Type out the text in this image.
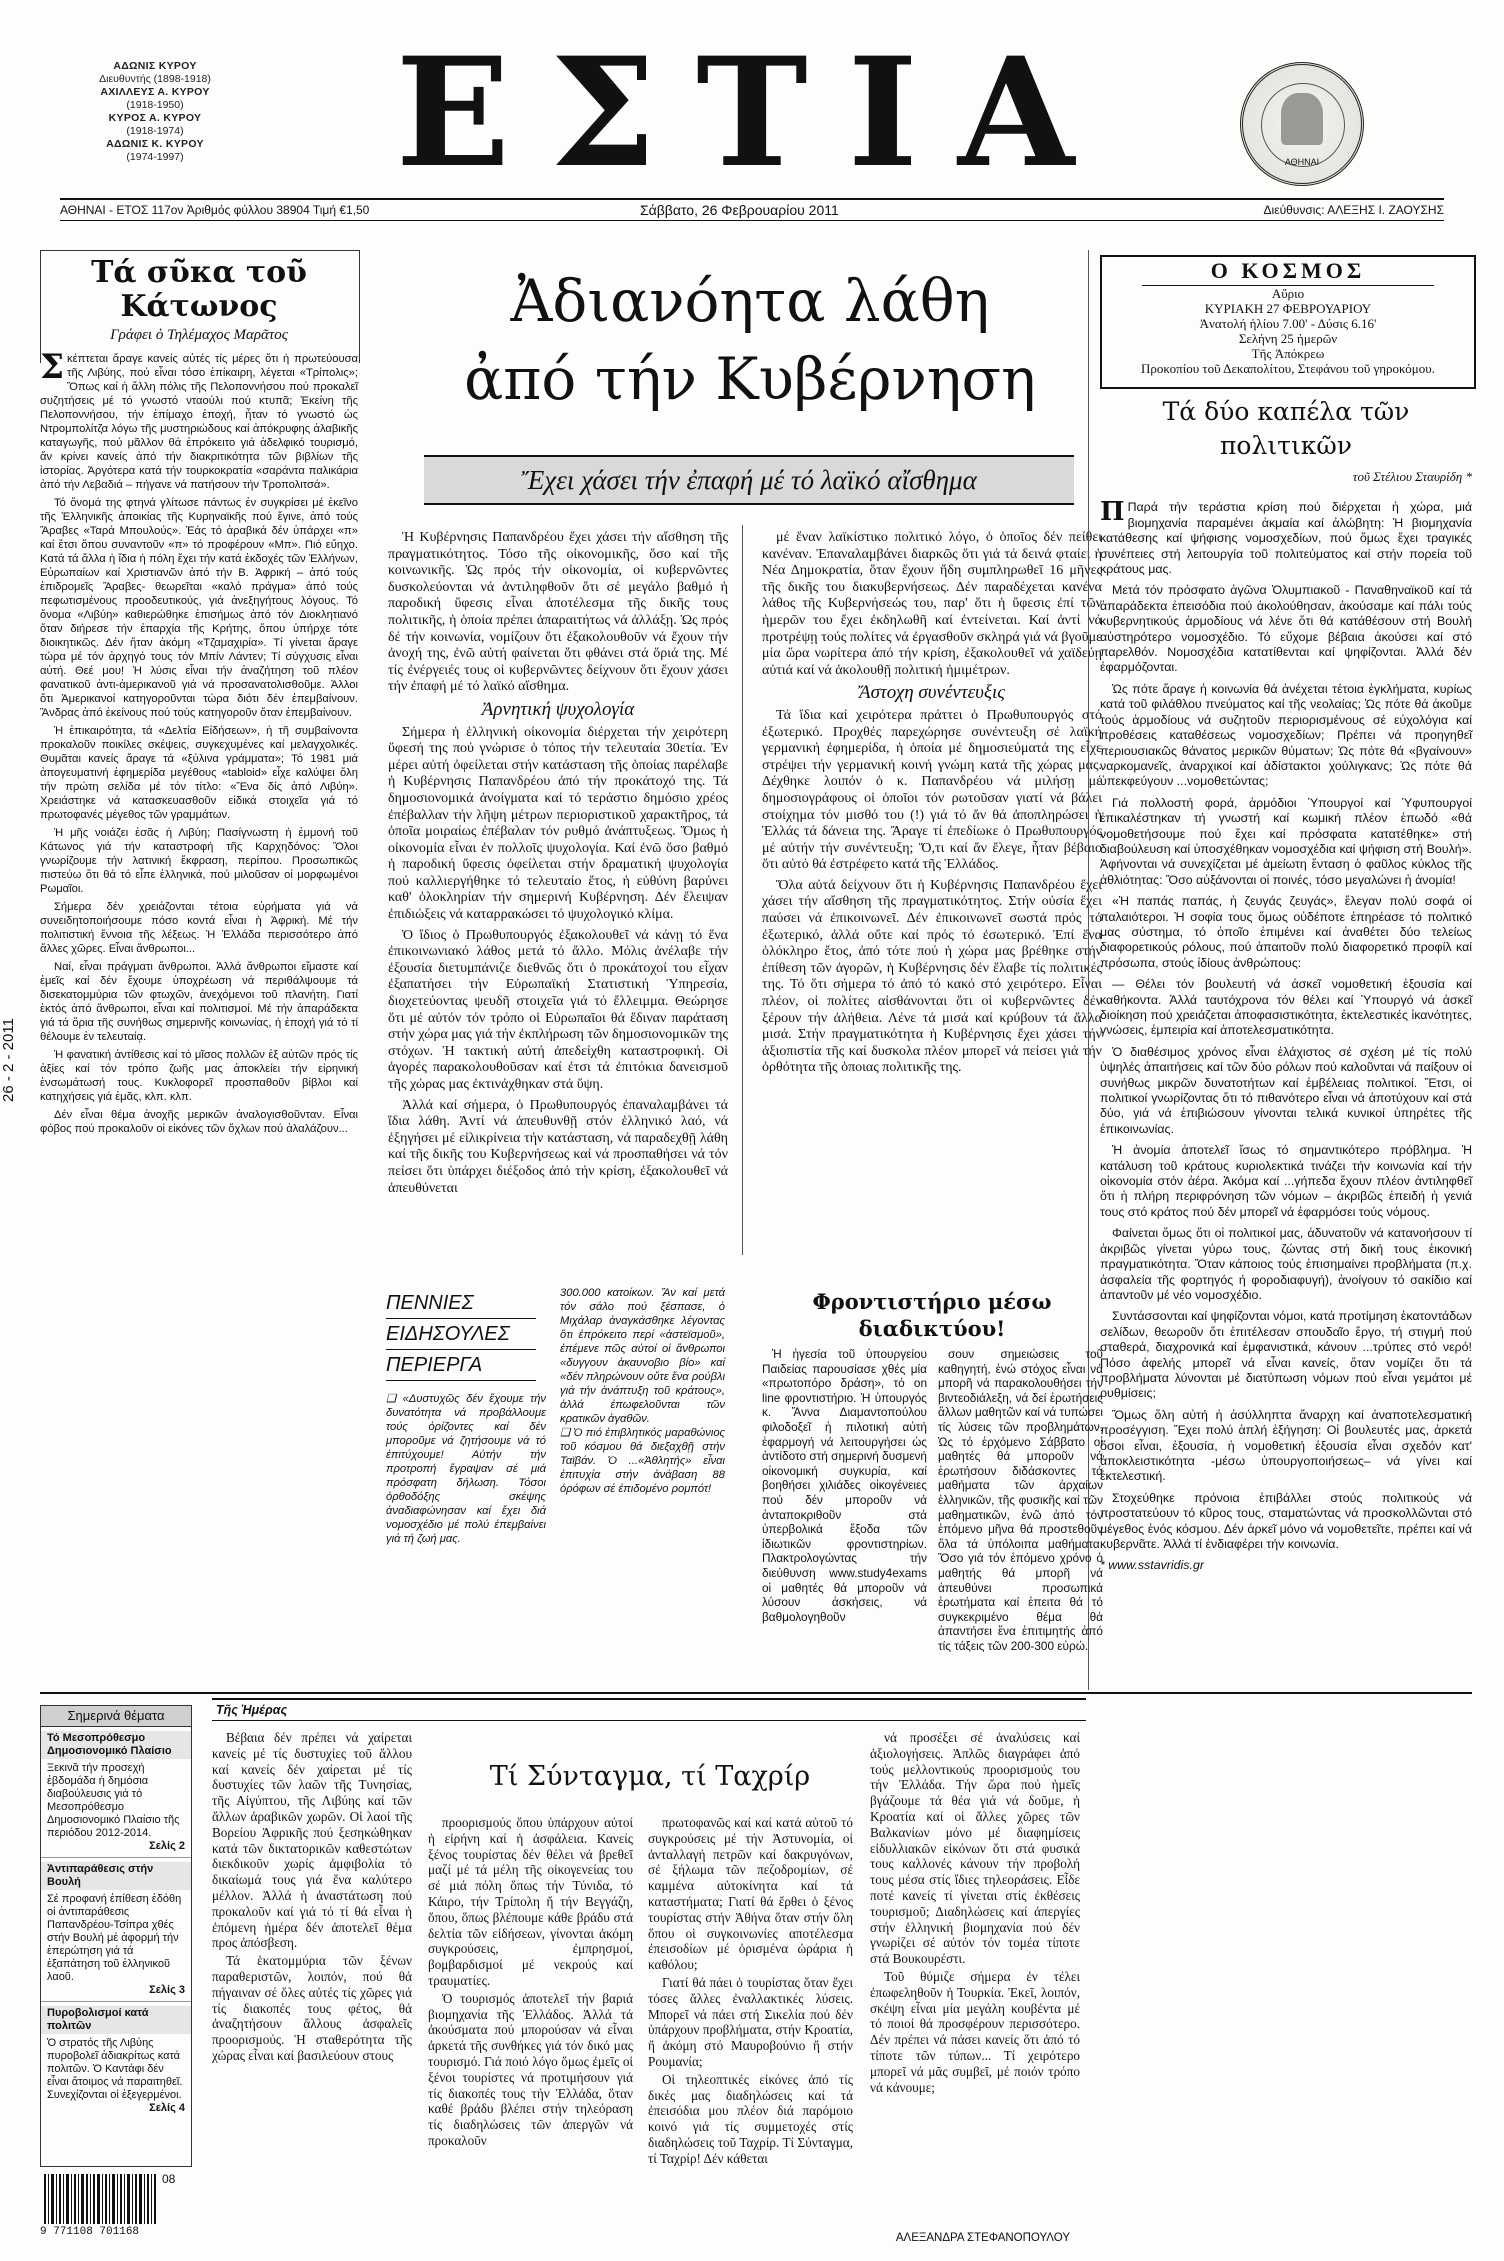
ΑΔΩΝΙΣ ΚΥΡΟΥ
Διευθυντής (1898-1918)
ΑΧΙΛΛΕΥΣ Α. ΚΥΡΟΥ
(1918-1950)
ΚΥΡΟΣ Α. ΚΥΡΟΥ
(1918-1974)
ΑΔΩΝΙΣ Κ. ΚΥΡΟΥ
(1974-1997)	ΕΣΤΙΑ	ΑΘΗΝΑΙ
ΑΘΗΝΑΙ - ΕΤΟΣ 117ον Ἀριθμός φύλλου 38904 Τιμή €1,50	Σάββατο, 26 Φεβρουαρίου 2011	Διεύθυνσις: ΑΛΕΞΗΣ Ι. ΖΑΟΥΣΗΣ
Τά σῦκα τοῦ Κάτωνος
Γράφει ὁ Τηλέμαχος Μαρᾶτος

Σκέπτεται ἄραγε κανείς αὐτές τίς μέρες ὅτι ἡ πρωτεύουσα τῆς Λιβύης, πού εἶναι τόσο ἐπίκαιρη, λέγεται «Τρίπολις»; Ὅπως καί ἡ ἄλλη πόλις τῆς Πελοποννήσου πού προκαλεῖ συζητήσεις μέ τό γνωστό νταούλι πού κτυπᾶ; Ἐκείνη τῆς Πελοποννήσου, τήν ἐπίμαχο ἐποχή, ἦταν τό γνωστό ὡς Ντρομπολίτζα λόγω τῆς μυστηριώδους καί ἀπόκρυφης ἀλαβικῆς καταγωγῆς, πού μᾶλλον θά ἐπρόκειτο γιά ἀδελφικό τουρισμό, ἄν κρίνει κανείς ἀπό τήν διακριτικότητα τῶν βιβλίων τῆς ἱστορίας. Ἀργότερα κατά τήν τουρκοκρατία «σαράντα παλικάρια ἀπό τήν Λεβαδιά – πήγανε νά πατήσουν τήν Τροπολιτσά».

Τό ὄνομά της φτηνά γλίτωσε πάντως ἐν συγκρίσει μέ ἐκεῖνο τῆς Ἑλληνικῆς ἀποικίας τῆς Κυρηναϊκῆς πού ἔγινε, ἀπό τούς Ἄραβες «Ταρά Μπουλούς». Ἐάς τό ἀραβικά δέν ὑπάρχει «π» καί ἔτσι ὅπου συναντοῦν «π» τό προφέρουν «Μπ». Πιό εὔηχο. Κατά τά ἄλλα ἡ ἴδια ἡ πόλη ἔχει τήν κατά ἐκδοχές τῶν Ἑλλήνων, Εὐρωπαίων καί Χριστιανῶν ἀπό τήν Β. Ἀφρική – ἀπό τούς ἐπιδρομεῖς Ἄραβες- θεωρεῖται «καλό πράγμα» ἀπό τούς πεφωτισμένους προοδευτικούς, γιά ἀνεξηγήτους λόγους. Τό ὄνομα «Λιβύη» καθιερώθηκε ἐπισήμως ἀπό τόν Διοκλητιανό ὅταν διήρεσε τήν ἐπαρχία τῆς Κρήτης, ὅπου ὑπήρχε τότε διοικητικῶς. Δέν ἤταν ἀκόμη «Τζαμαχιρία». Τί γίνεται ἄραγε τώρα μέ τόν ἀρχηγό τους τόν Μπίν Λάντεν; Τί σύγχυσις εἶναι αὐτή. Θεέ μου! Ἡ λύσις εἶναι τήν ἀναζήτηση τοῦ πλέον φανατικοῦ ἀντι-ἀμερικανοῦ γιά νά προσανατολισθοῦμε. Ἀλλοι ὅτι Ἀμερικανοί κατηγοροῦνται τώρα διότι δέν ἐπεμβαίνουν. Ἄνδρας ἀπό ἐκείνους πού τούς κατηγοροῦν ὅταν ἐπεμβαίνουν.

Ἡ ἐπικαιρότητα, τά «Δελτία Εἰδήσεων», ἡ τῆ συμβαίνοντα προκαλοῦν ποικίλες σκέψεις, συγκεχυμένες καί μελαγχολικές. Θυμᾶται κανείς ἄραγε τά «ξύλινα γράμματα»; Τό 1981 μιά ἀπογευματινή ἐφημερίδα μεγέθους «tabloid» εἶχε καλύψει ὅλη τήν πρώτη σελίδα μέ τόν τίτλο: «Ἕνα δίς ἀπό Λιβύη». Χρειάστηκε νά κατασκευασθοῦν εἰδικά στοιχεῖα γιά τό πρωτοφανές μέγεθος τῶν γραμμάτων.

Ἡ μῆς νοιάζει ἐσᾶς ἡ Λιβύη; Πασίγνωστη ἡ ἐμμονή τοῦ Κάτωνος γιά τήν καταστροφή τῆς Καρχηδόνος: Ὅλοι γνωρίζουμε τήν λατινική ἔκφραση, περίπου. Προσωπικῶς πιστεύω ὅτι θά τό εἶπε ἑλληνικά, πού μιλοῦσαν οἱ μορφωμένοι Ρωμαῖοι.

Σήμερα δέν χρειάζονται τέτοια εὐρήματα γιά νά συνειδητοποιήσουμε πόσο κοντά εἶναι ἡ Ἀφρική. Μέ τήν πολιτιστική ἔννοια τῆς λέξεως. Ἡ Ἑλλάδα περισσότερο ἀπό ἄλλες χῶρες. Εἶναι ἄνθρωποι...

Ναί, εἶναι πράγματι ἄνθρωποι. Ἀλλά ἄνθρωποι εἴμαστε καί ἐμεῖς καί δέν ἔχουμε ὑποχρέωση νά περιθάλψουμε τά δισεκατομμύρια τῶν φτωχῶν, ἀνεχόμενοι τοῦ πλανήτη. Γιατί ἐκτός ἀπό ἄνθρωποι, εἶναι καί πολιτισμοί. Μέ τήν ἀπαράδεκτα γιά τά ὅρια τῆς συνήθως σημερινῆς κοινωνίας, ἡ ἐποχή γιά τό τί θέλουμε ἐν τελευταίᾳ.

Ἡ φανατική ἀντίθεσις καί τό μῖσος πολλῶν ἐξ αὐτῶν πρός τίς ἀξίες καί τόν τρόπο ζωῆς μας ἀποκλείει τήν εἰρηνική ἐνσωμάτωσή τους. Κυκλοφορεῖ προσπαθοῦν βίβλοι καί κατηχήσεις γιά ἐμᾶς, κλπ. κλπ.

Δέν εἶναι θέμα ἀνοχῆς μερικῶν ἀναλογισθοῦνταν. Εἶναι φόβος πού προκαλοῦν οἱ εἰκόνες τῶν ὄχλων πού ἀλαλάζουν...

26 - 2 - 2011
Ἀδιανόητα λάθη
ἀπό τήν Κυβέρνηση
Ἔχει χάσει τήν ἐπαφή μέ τό λαϊκό αἴσθημα

Ἡ Κυβέρνησις Παπανδρέου ἔχει χάσει τήν αἴσθηση τῆς πραγματικότητος. Τόσο τῆς οἰκονομικῆς, ὅσο καί τῆς κοινωνικῆς. Ὡς πρός τήν οἰκονομία, οἱ κυβερνῶντες δυσκολεύονται νά ἀντιληφθοῦν ὅτι σέ μεγάλο βαθμό ἡ παροδική ὕφεσις εἶναι ἀποτέλεσμα τῆς δικῆς τους πολιτικῆς, ἡ ὁποία πρέπει ἀπαραιτήτως νά ἀλλάξῃ. Ὡς πρός δέ τήν κοινωνία, νομίζουν ὅτι ἐξακολουθοῦν νά ἔχουν τήν ἀνοχή της, ἐνῶ αὐτή φαίνεται ὅτι φθάνει στά ὅριά της. Μέ τίς ἐνέργειές τους οἱ κυβερνῶντες δείχνουν ὅτι ἔχουν χάσει τήν ἐπαφή μέ τό λαϊκό αἴσθημα.

Ἀρνητική ψυχολογία

Σήμερα ἡ ἑλληνική οἰκονομία διέρχεται τήν χειρότερη ὕφεσή της πού γνώρισε ὁ τόπος τήν τελευταία 30ετία. Ἐν μέρει αὐτή ὀφείλεται στήν κατάσταση τῆς ὁποίας παρέλαβε ἡ Κυβέρνησις Παπανδρέου ἀπό τήν προκάτοχό της. Τά δημοσιονομικά ἀνοίγματα καί τό τεράστιο δημόσιο χρέος ἐπέβαλλαν τήν λῆψη μέτρων περιοριστικοῦ χαρακτῆρος, τά ὁποῖα μοιραίως ἐπέβαλαν τόν ρυθμό ἀνάπτυξεως. Ὅμως ἡ οἰκονομία εἶναι ἐν πολλοῖς ψυχολογία. Καί ἐνῶ ὅσο βαθμό ἡ παροδική ὕφεσις ὀφείλεται στήν δραματική ψυχολογία πού καλλιεργήθηκε τό τελευταίο ἔτος, ἡ εὐθύνη βαρύνει καθ' ὁλοκληρίαν τήν σημερινή Κυβέρνηση. Δέν ἔλειψαν ἐπιδιώξεις νά καταρρακώσει τό ψυχολογικό κλίμα.

Ὁ ἴδιος ὁ Πρωθυπουργός ἐξακολουθεῖ νά κάνῃ τό ἕνα ἐπικοινωνιακό λάθος μετά τό ἄλλο. Μόλις ἀνέλαβε τήν ἐξουσία διετυμπάνιζε διεθνῶς ὅτι ὁ προκάτοχοί του εἶχαν ἐξαπατήσει τήν Εὐρωπαϊκή Στατιστική Ὑπηρεσία, διοχετεύοντας ψευδῆ στοιχεῖα γιά τό ἔλλειμμα. Θεώρησε ὅτι μέ αὐτόν τόν τρόπο οἱ Εὐρωπαῖοι θά ἔδιναν παράταση στήν χώρα μας γιά τήν ἐκπλήρωση τῶν δημοσιονομικῶν της στόχων. Ἡ τακτική αὐτή ἀπεδείχθη καταστροφική. Οἱ ἀγορές παρακολουθοῦσαν καί ἐτσι τά ἐπιτόκια δανεισμοῦ τῆς χώρας μας ἐκτινάχθηκαν στά ὕψη.

Ἀλλά καί σήμερα, ὁ Πρωθυπουργός ἐπαναλαμβάνει τά ἴδια λάθη. Ἀντί νά ἀπευθυνθῇ στόν ἑλληνικό λαό, νά ἐξηγήσει μέ εἰλικρίνεια τήν κατάσταση, νά παραδεχθῇ λάθη καί τῆς δικῆς του Κυβερνήσεως καί νά προσπαθήσει νά τόν πείσει ὅτι ὑπάρχει διέξοδος ἀπό τήν κρίση, ἐξακολουθεῖ νά ἀπευθύνεται

μέ ἕναν λαϊκίστικο πολιτικό λόγο, ὁ ὁποῖος δέν πείθει κανέναν. Ἐπαναλαμβάνει διαρκῶς ὅτι γιά τά δεινά φταίει ἡ Νέα Δημοκρατία, ὅταν ἔχουν ἤδη συμπληρωθεῖ 16 μῆνες τῆς δικῆς του διακυβερνήσεως. Δέν παραδέχεται κανένα λάθος τῆς Κυβερνήσεώς του, παρ' ὅτι ἡ ὕφεσις ἐπί τῶν ἡμερῶν του ἔχει ἐκδηλωθῆ καί ἐντείνεται. Καί ἀντί νά προτρέψῃ τούς πολίτες νά ἐργασθοῦν σκληρά γιά νά βγοῦμε μία ὥρα νωρίτερα ἀπό τήν κρίση, ἐξακολουθεῖ νά χαϊδεύῃ αὐτιά καί νά ἀκολουθῇ πολιτική ἡμιμέτρων.

Ἄστοχη συνέντευξις

Τά ἴδια καί χειρότερα πράττει ὁ Πρωθυπουργός στό ἐξωτερικό. Προχθές παρεχώρησε συνέντευξη σέ λαϊκή γερμανική ἐφημερίδα, ἡ ὁποία μέ δημοσιεύματά της εἶχε στρέψει τήν γερμανική κοινή γνώμη κατά τῆς χώρας μας. Δέχθηκε λοιπόν ὁ κ. Παπανδρέου νά μιλήσῃ μέ δημοσιογράφους οἱ ὁποῖοι τόν ρωτοῦσαν γιατί νά βάλει στοίχημα τόν μισθό του (!) γιά τό ἄν θά ἀποπληρώσει ἡ Ἑλλάς τά δάνεια της. Ἄραγε τί ἐπεδίωκε ὁ Πρωθυπουργός μέ αὐτήν τήν συνέντευξη; Ὅ,τι καί ἄν ἔλεγε, ἦταν βέβαιο ὅτι αὐτό θά ἐστρέφετο κατά τῆς Ἑλλάδος.

Ὅλα αὐτά δείχνουν ὅτι ἡ Κυβέρνησις Παπανδρέου ἔχει χάσει τήν αἴσθηση τῆς πραγματικότητος. Στήν οὐσία ἔχει παύσει νά ἐπικοινωνεῖ. Δέν ἐπικοινωνεῖ σωστά πρός τό ἐξωτερικό, ἀλλά οὔτε καί πρός τό ἐσωτερικό. Ἐπί ἕνα ὁλόκληρο ἔτος, ἀπό τότε πού ἡ χώρα μας βρέθηκε στήν ἐπίθεση τῶν ἀγορῶν, ἡ Κυβέρνησις δέν ἔλαβε τίς πολιτικές της. Τό ὅτι σήμερα τό ἀπό τό κακό στό χειρότερο. Εἶναι πλέον, οἱ πολίτες αἰσθάνονται ὅτι οἱ κυβερνῶντες δέν ξέρουν τήν ἀλήθεια. Λένε τά μισά καί κρύβουν τά ἄλλα μισά. Στήν πραγματικότητα ἡ Κυβέρνησις ἔχει χάσει τήν ἀξιοπιστία τῆς καί δυσκολα πλέον μπορεῖ νά πείσει γιά τήν ὀρθότητα τῆς ὁποιας πολιτικῆς της.

Ο ΚΟΣΜΟΣ
Αὔριο
ΚΥΡΙΑΚΗ 27 ΦΕΒΡΟΥΑΡΙΟΥ
Ἀνατολή ἡλίου 7.00' - Δύσις 6.16'
Σελήνη 25 ἡμερῶν
Τῆς Ἀπόκρεω
Προκοπίου τοῦ Δεκαπολίτου, Στεφάνου τοῦ γηροκόμου.
Τά δύο καπέλα τῶν πολιτικῶν
τοῦ Στέλιου Σταυρίδη *

Π Παρά τήν τεράστια κρίση πού διέρχεται ἡ χώρα, μιά βιομηχανία παραμένει ἀκμαία καί ἀλώβητη: Ἡ βιομηχανία κατάθεσης καί ψήφισης νομοσχεδίων, πού ὅμως ἔχει τραγικές συνέπειες στή λειτουργία τοῦ πολιτεύματος καί στήν πορεία τοῦ κράτους μας.

Μετά τόν πρόσφατο ἀγῶνα Ὀλυμπιακοῦ - Παναθηναϊκοῦ καί τά ἀπαράδεκτα ἐπεισόδια πού ἀκολούθησαν, ἀκούσαμε καί πάλι τούς κυβερνητικούς ἁρμοδίους νά λένε ὅτι θά κατάθέσουν στή Βουλή αὐστηρότερο νομοσχέδιο. Τό εὔχομε βέβαια ἀκούσει καί στό παρελθόν. Νομοσχέδια κατατίθενται καί ψηφίζονται. Ἀλλά δέν ἐφαρμόζονται.

Ὡς πότε ἄραγε ἡ κοινωνία θά ἀνέχεται τέτοια ἐγκλήματα, κυρίως κατά τοῦ φιλάθλου πνεύματος καί τῆς νεολαίας; Ὡς πότε θά ἀκοῦμε τούς ἁρμοδίους νά συζητοῦν περιορισμένους σέ εὐχολόγια καί προθέσεις καταθέσεως νομοσχεδίων; Πρέπει νά προηγηθεῖ περιουσιακῶς θάνατος μερικῶν θύματων; Ὡς πότε θά «βγαίνουν» ναρκομανεῖς, ἀναρχικοί καί ἀδίστακτοι χούλιγκανς; Ὡς πότε θά ὑπεκφεύγουν ...νομοθετώντας;

Γιά πολλοστή φορά, ἁρμόδιοι Ὑπουργοί καί Ὑφυπουργοί ἐπικαλέστηκαν τή γνωστή καί κωμική πλέον ἐπωδό «θά νομοθετήσουμε πού ἔχει καί πρόσφατα κατατέθηκε» στή διαβούλευση καί ὑποσχέθηκαν νομοσχέδια καί ψήφιση στή Βουλή». Ἀφήνονται νά συνεχίζεται μέ ἀμείωτη ἔνταση ὁ φαῦλος κύκλος τῆς ἀθλιότητας: Ὅσο αὐξάνονται οἱ ποινές, τόσο μεγαλώνει ἡ ἀνομία!

«Ἡ παπάς παπάς, ἡ ζευγάς ζευγάς», ἔλεγαν πολύ σοφά οἱ παλαιότεροι. Ἡ σοφία τους ὅμως οὐδέποτε ἐπηρέασε τό πολιτικό μας σύστημα, τό ὁποῖο ἐπιμένει καί ἀναθέτει δύο τελείως διαφορετικούς ρόλους, πού ἀπαιτοῦν πολύ διαφορετικό προφίλ καί πρόσωπα, στούς ἰδίους ἀνθρώπους:

— Θέλει τόν βουλευτή νά ἀσκεῖ νομοθετική ἐξουσία καί καθήκοντα. Ἀλλά ταυτόχρονα τόν θέλει καί Ὑπουργό νά ἀσκεῖ διοίκηση πού χρειάζεται ἀποφασιστικότητα, ἐκτελεστικές ἱκανότητες, γνώσεις, ἐμπειρία καί ἀποτελεσματικότητα.

Ὁ διαθέσιμος χρόνος εἶναι ἐλάχιστος σέ σχέση μέ τίς πολύ ὑψηλές ἀπαιτήσεις καί τῶν δύο ρόλων πού καλοῦνται νά παίξουν οἱ συνήθως μικρῶν δυνατοτήτων καί ἐμβέλειας πολιτικοί. Ἔτσι, οἱ πολιτικοί γνωρίζοντας ὅτι τό πιθανότερο εἶναι νά ἀποτύχουν καί στά δύο, γιά νά ἐπιβιώσουν γίνονται τελικά κυνικοί ὑπηρέτες τῆς ἐπικοινωνίας.

Ἡ ἀνομία ἀποτελεῖ ἴσως τό σημαντικότερο πρόβλημα. Ἡ κατάλυση τοῦ κράτους κυριολεκτικά τινάζει τήν κοινωνία καί τήν οἰκονομία στόν ἀέρα. Ἀκόμα καί ...γήπεδα ἔχουν πλέον ἀντιληφθεῖ ὅτι ἡ πλήρη περιφρόνηση τῶν νόμων – ἀκριβῶς ἐπειδή ἡ γενιά τους στό κράτος πού δέν μπορεῖ νά ἐφαρμόσει τούς νόμους.

Φαίνεται ὅμως ὅτι οἱ πολιτικοί μας, ἀδυνατοῦν νά κατανοήσουν τί ἀκριβῶς γίνεται γύρω τους, ζώντας στή δική τους ἐικονική πραγματικότητα. Ὅταν κάποιος τούς ἐπισημαίνει προβλήματα (π.χ. ἀσφαλεία τῆς φορτηγός ή φοροδιαφυγή), ἀνοίγουν τό σακίδιο καί ἀπαντοῦν μέ νέο νομοσχέδιο.

Συντάσσονται καί ψηφίζονται νόμοι, κατά προτίμηση ἑκατοντάδων σελίδων, θεωροῦν ὅτι ἐπιτέλεσαν σπουδαῖο ἔργο, τή στιγμή πού σταθερά, διαχρονικά καί ἐμφανιστικά, κάνουν ...τρύπες στό νερό! Πόσο ἀφελής μπορεῖ νά εἶναι κανείς, ὅταν νομίζει ὅτι τά προβλήματα λύνονται μέ διατύπωση νόμων πού εἶναι γεμάτοι μέ ρυθμίσεις;

Ὅμως ὅλη αὐτή ἡ ἀσύλληπτα ἄναρχη καί ἀναποτελεσματική προσέγγιση. Ἔχει πολύ ἁπλή ἐξήγηση: Οἱ βουλευτές μας, ἀρκετά ὅσοι εἶναι, ἐξουσία, ἡ νομοθετική ἐξουσία εἶναι σχεδόν κατ' ἀποκλειστικότητα -μέσω ὑπουργοποιήσεως– νά γίνει καί ἐκτελεστική.

Στοχεύθηκε πρόνοια ἐπιβάλλει στούς πολιτικούς νά προστατεύουν τό κῦρος τους, σταματώντας νά προσκολλῶνται στό μέγεθος ἑνός κόσμου. Δέν ἀρκεῖ μόνο νά νομοθετεῖτε, πρέπει καί νά κυβερνᾶτε. Ἀλλά τί ἐνδιαφέρει τήν κοινωνία.

* www.sstavridis.gr

ΠΕΝΝΙΕΣ
ΕΙΔΗΣΟΥΛΕΣ
ΠΕΡΙΕΡΓΑ
❑ «Δυστυχῶς δέν ἔχουμε τήν δυνατότητα νά προβάλλουμε τούς ὁρίζοντες καί δέν μποροῦμε νά ζητήσουμε νά τό ἐπιτύχουμε! Αὐτήν τήν προτροπή ἔγραψαν σέ μιά πρόσφατη δήλωση. Τόσοι ὀρθοδόξης σκέψης ἀναδιαφώνησαν καί ἔχει διά νομοσχέδιο μέ πολύ ἐπεμβαίνει γιά τή ζωή μας.
300.000 κατοίκων. Ἄν καί μετά τόν σάλο πού ξέσπασε, ὁ Μιχάλαρ ἀναγκάσθηκε λέγοντας ὅτι ἐπρόκειτο περί «ἀστεϊσμοῦ», ἐπέμενε πῶς αὐτοί οἱ ἄνθρωποι «δυγγουν ἀκαυνοβιο βίο» καί «δέν πληρώνουν οὔτε ἕνα ρούβλι γιά τήν ἀνάπτυξη τοῦ κράτους», ἀλλά ἐπωφελοῦνται τῶν κρατικῶν ἀγαθῶν.
❑ Ὁ πιό ἐπιβλητικός μαραθώνιος τοῦ κόσμου θά διεξαχθῇ στήν Ταϊβάν. Ὁ ...«Ἀθλητής» εἶναι ἐπιτυχία στήν ἀνάβαση 88 ὀρόφων σέ ἐπιδομένο ρομπότ!
Φροντιστήριο μέσω διαδικτύου!

Ἡ ἡγεσία τοῦ ὑπουργείου Παιδείας παρουσίασε χθές μία «πρωτοπόρο δράση», τό on line φροντιστήριο. Ἡ ὑπουργός κ. Ἄννα Διαμαντοπούλου φιλοδοξεῖ ἡ πιλοτική αὐτή ἐφαρμογή νά λειτουργήσει ὡς ἀντίδοτο στή σημερινή δυσμενή οἰκονομική συγκυρία, καί βοηθήσει χιλιάδες οἰκογένειες πού δέν μποροῦν νά ἀνταποκριθοῦν στά ὑπερβολικά ἔξοδα τῶν ἰδιωτικῶν φροντιστηρίων. Πλακτρολογώντας τήν διεύθυνση www.study4exams οἱ μαθητές θά μποροῦν νά λύσουν ἀσκήσεις, νά βαθμολογηθοῦν

σουν σημειώσεις τοῦ καθηγητή, ἐνώ στόχος εἶναι νά μπορῆ νά παρακολουθήσει τήν βιντεοδιάλεξη, νά δεί ἐρωτήσεις ἄλλων μαθητῶν καί νά τυπώσει τίς λύσεις τῶν προβλημάτων. Ὡς τό ἐρχόμενο Σάββατο οἱ μαθητές θά μποροῦν νά ἐρωτήσουν διδάσκοντες τά μαθήματα τῶν ἀρχαίων ἑλληνικῶν, τῆς φυσικῆς καί τῶν μαθηματικῶν, ἐνῶ ἀπό τόν ἑπόμενο μῆνα θά προστεθοῦν ὅλα τά ὑπόλοιπα μαθήματα. Ὅσο γιά τόν ἑπόμενο χρόνο ὁ μαθητής θά μπορῆ νά ἀπευθύνει προσωπικά ἐρωτήματα καί ἐπειτα θά τό συγκεκριμένο θέμα θά ἀπαντήσει ἕνα ἐπιτιμητής ἀπό τίς τάξεις τῶν 200-300 εὐρώ.

Σημερινά θέματα
Τό Μεσοπρόθεσμο Δημοσιονομικό Πλαίσιο
Ξεκινᾶ τήν προσεχή ἑβδομάδα ἡ δηµόσια διαβούλευσις γιά τό Μεσοπρόθεσμο Δημοσιονομικό Πλαίσιο τῆς περιόδου 2012-2014.
Σελίς 2
Ἀντιπαράθεσις στήν Βουλή
Σέ προφανή ἐπίθεση ἐδόθη οἱ ἀντιπαράθεσις Παπανδρέου-Τσίπρα χθές στήν Βουλή μέ ἀφορμή τήν ἐπερώτηση γιά τά ἐξαπάτηση τοῦ ἑλληνικοῦ λαοῦ.
Σελίς 3
Πυροβολισμοί κατά πολιτῶν
Ὁ στρατός τῆς Λιβύης πυροβολεῖ ἀδιακρίτως κατά πολιτῶν. Ὁ Καντάφι δέν εἶναι ἄτοιμος νά παραιτηθεῖ. Συνεχίζονται οἱ ἐξεγερμένοι.
Σελίς 4
08
9 771108 701168
Τῆς Ἡμέρας
Τί Σύνταγμα, τί Ταχρίρ

Βέβαια δέν πρέπει νά χαίρεται κανείς μέ τίς δυστυχίες τοῦ ἄλλου καί κανείς δέν χαίρεται μέ τίς δυστυχίες τῶν λαῶν τῆς Τυνησίας, τῆς Αἰγύπτου, τῆς Λιβύης καί τῶν ἄλλων ἀραβικῶν χωρῶν. Οἱ λαοί τῆς Βορείου Ἀφρικῆς πού ξεσηκώθηκαν κατά τῶν δικτατορικῶν καθεστώτων διεκδικοῦν χωρίς ἀμφιβολία τό δικαίωμά τους γιά ἕνα καλύτερο μέλλον. Ἀλλά ἡ ἀναστάτωση πού προκαλοῦν καί γιά τό τί θά εἶναι ἡ ἐπόμενη ἡμέρα δέν ἀποτελεῖ θέμα προς ἀπόσβεση.

Τά ἑκατομμύρια τῶν ξένων παραθεριστῶν, λοιπόν, πού θά πήγαιναν σέ ὅλες αὐτές τίς χῶρες γιά τίς διακοπές τους φέτος, θά ἀναζητήσουν ἄλλους ἀσφαλεῖς προορισμούς. Ἡ σταθερότητα τῆς χώρας εἶναι καί βασιλεύουν στους

προορισμούς ὅπου ὑπάρχουν αὐτοί ἡ εἰρήνη καί ἡ ἀσφάλεια. Κανείς ξένος τουρίστας δέν θέλει νά βρεθεῖ μαζί μέ τά μέλη τῆς οἰκογενείας του σέ μιά πόλη ὅπως τήν Τύνιδα, τό Κάιρο, τήν Τρίπολη ἤ τήν Βεγγάζη, ὅπου, ὅπως βλέπουμε κάθε βράδυ στά δελτία τῶν εἰδήσεων, γίνονται ἀκόμη συγκρούσεις, ἐμπρησμοί, βομβαρδισμοί μέ νεκρούς καί τραυματίες.

Ὁ τουρισμός ἀποτελεῖ τήν βαριά βιομηχανία τῆς Ἑλλάδος. Ἀλλά τά ἀκούσματα πού μπορούσαν νά εἶναι ἀρκετά τῆς συνθήκες γιά τόν δικό μας τουρισμό. Γιά ποιό λόγο ὅμως ἐμεῖς οἱ ξένοι τουρίστες νά προτιμήσουν γιά τίς διακοπές τους τήν Ἑλλάδα, ὅταν καθέ βράδυ βλέπει στήν τηλεόραση τίς διαδηλώσεις τῶν ἀπεργῶν νά προκαλοῦν

πρωτοφανῶς καί καί κατά αὐτοῦ τό συγκρούσεις μέ τήν Ἀστυνομία, οἱ ἀνταλλαγή πετρῶν καί δακρυγόνων, σέ ξήλωμα τῶν πεζοδρομίων, σέ καμμένα αὐτοκίνητα καί τά καταστήματα; Γιατί θά ἔρθει ὁ ξένος τουρίστας στήν Ἀθήνα ὅταν στήν ὅλη ὅπου οἱ συγκοινωνίες αποτέλεσμα ἐπεισοδίων μέ ὀρισμένα ὠράρια ἡ καθόλου;

Γιατί θά πάει ὁ τουρίστας ὅταν ἔχει τόσες ἄλλες ἐναλλακτικές λύσεις. Μπορεῖ νά πάει στή Σικελία πού δέν ὑπάρχουν προβλήματα, στήν Κροατία, ἤ ἀκόμη στό Μαυροβούνιο ἤ στήν Ρουμανία;

Οἱ τηλεοπτικές εἰκόνες ἀπό τίς δικές μας διαδηλώσεις καί τά ἐπεισόδια μου πλέον διά παρόμοιο κοινό γιά τίς συμμετοχές στίς διαδηλώσεις τοῦ Ταχρίρ. Τί Σύνταγμα, τί Ταχρίρ! Δέν κάθεται

νά προσέξει σέ ἀναλύσεις καί ἀξιολογήσεις. Ἁπλῶς διαγράφει ἀπό τούς μελλοντικούς προορισμούς του τήν Ἑλλάδα. Τήν ὥρα πού ἡμεῖς βγάζουμε τά θέα γιά νά δοῦμε, ἡ Κροατία καί οἱ ἄλλες χῶρες τῶν Βαλκανίων μόνο μέ διαφημίσεις εἰδυλλιακῶν εἰκόνων ὅτι στά φυσικά τους καλλονές κάνουν τήν προβολή τους μέσα στίς ἴδιες τηλεοράσεις. Εἶδε ποτέ κανείς τί γίνεται στίς ἐκθέσεις τουρισμοῦ; Διαδηλώσεις καί ἀπεργίες στήν ἑλληνική βιομηχανία πού δέν γνωρίζει σέ αὐτόν τόν τομέα τίποτε στά Βουκουρέστι.

Τοῦ θύμιζε σήμερα ἐν τέλει ἐπωφεληθοῦν ἡ Τουρκία. Ἐκεῖ, λοιπόν, σκέψη εἶναι μία μεγάλη κουβέντα μέ τό ποιοί θά προσφέρουν περισσότερο. Δέν πρέπει νά πάσει κανείς ὅτι ἀπό τό τίποτε τῶν τύπων... Τί χειρότερο μπορεῖ νά μᾶς συμβεῖ, μέ ποιόν τρόπο νά κάνουμε;

ΑΛΕΞΑΝΔΡΑ ΣΤΕΦΑΝΟΠΟΥΛΟΥ
